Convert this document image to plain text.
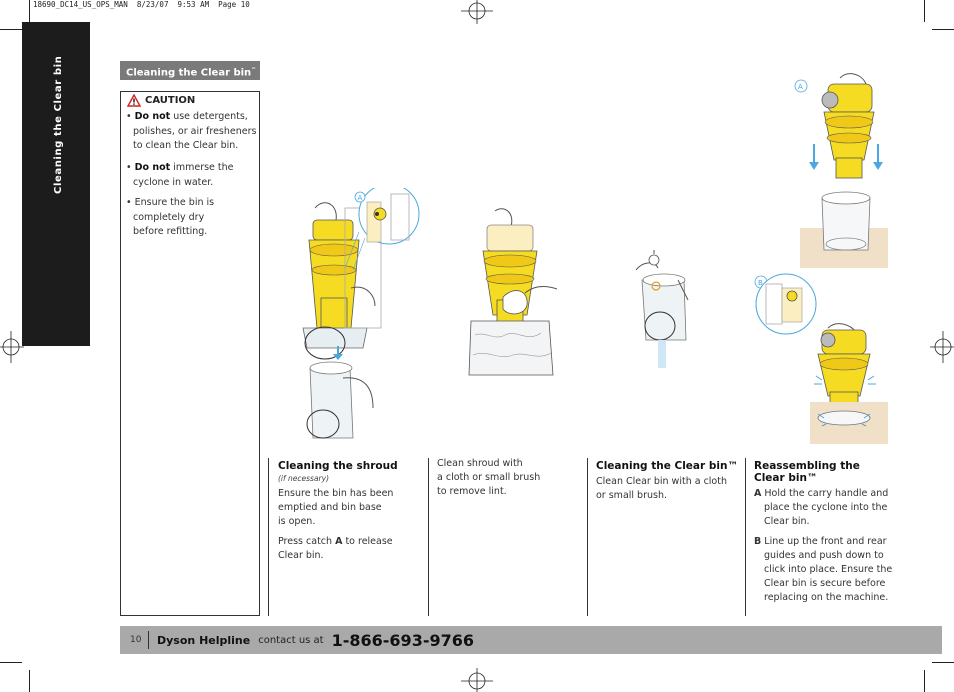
18690_DC14_US_OPS_MAN  8/23/07  9:53 AM  Page 10
Cleaning the Clear bin	Cleaning the Clear bin™
CAUTION
• Do not use detergents,
polishes, or air fresheners
to clean the Clear bin.
• Do not immerse the
cyclone in water.
• Ensure the bin is
completely dry
before refitting.
A
A
B
Cleaning the shroud
(if necessary)
Ensure the bin has been
emptied and bin base
is open.
Press catch A to release
Clear bin.
Clean shroud with
a cloth or small brush
to remove lint.
Cleaning the Clear bin™
Clean Clear bin with a cloth
or small brush.
Reassembling the
Clear bin™
A Hold the carry handle and
place the cyclone into the
Clear bin.
B Line up the front and rear
guides and push down to
click into place. Ensure the
Clear bin is secure before
replacing on the machine.
10	Dyson Helpline contact us at 1-866-693-9766
